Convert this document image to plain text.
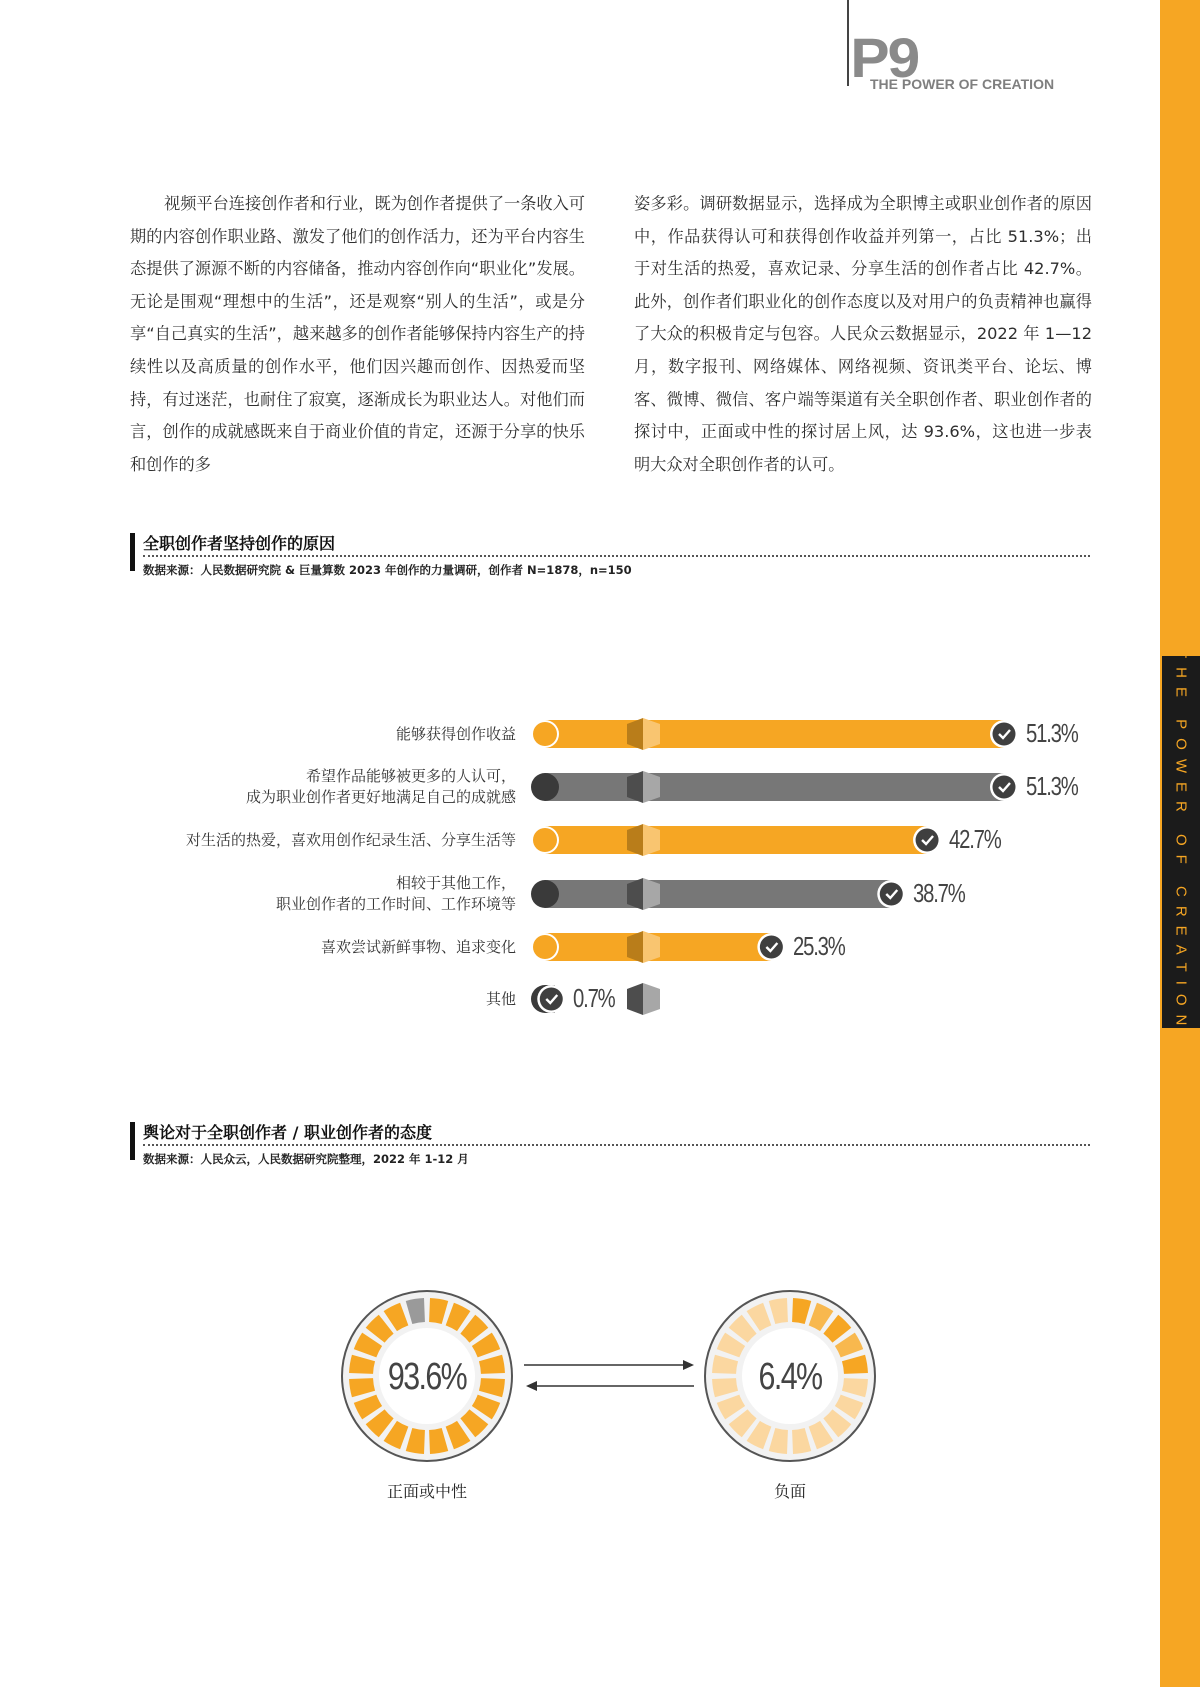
THE POWER OF CREATION
P9
THE POWER OF CREATION

视频平台连接创作者和行业，既为创作者提供了一条收入可期的内容创作职业路、激发了他们的创作活力，还为平台内容生态提供了源源不断的内容储备，推动内容创作向“职业化”发展。无论是围观“理想中的生活”，还是观察“别人的生活”，或是分享“自己真实的生活”，越来越多的创作者能够保持内容生产的持续性以及高质量的创作水平，他们因兴趣而创作、因热爱而坚持，有过迷茫，也耐住了寂寞，逐渐成长为职业达人。对他们而言，创作的成就感既来自于商业价值的肯定，还源于分享的快乐和创作的多

姿多彩。调研数据显示，选择成为全职博主或职业创作者的原因中，作品获得认可和获得创作收益并列第一，占比 51.3%；出于对生活的热爱，喜欢记录、分享生活的创作者占比 42.7%。此外，创作者们职业化的创作态度以及对用户的负责精神也赢得了大众的积极肯定与包容。人民众云数据显示，2022 年 1—12 月，数字报刊、网络媒体、网络视频、资讯类平台、论坛、博客、微博、微信、客户端等渠道有关全职创作者、职业创作者的探讨中，正面或中性的探讨居上风，达 93.6%，这也进一步表明大众对全职创作者的认可。

全职创作者坚持创作的原因
数据来源：人民数据研究院 & 巨量算数 2023 年创作的力量调研，创作者 N=1878，n=150
51.3%
能够获得创作收益
51.3%
希望作品能够被更多的人认可，
成为职业创作者更好地满足自己的成就感
42.7%
对生活的热爱，喜欢用创作纪录生活、分享生活等
38.7%
相较于其他工作，
职业创作者的工作时间、工作环境等
25.3%
喜欢尝试新鲜事物、追求变化
0.7%
其他
舆论对于全职创作者 / 职业创作者的态度
数据来源：人民众云，人民数据研究院整理，2022 年 1-12 月
93.6%	6.4%
正面或中性	负面
